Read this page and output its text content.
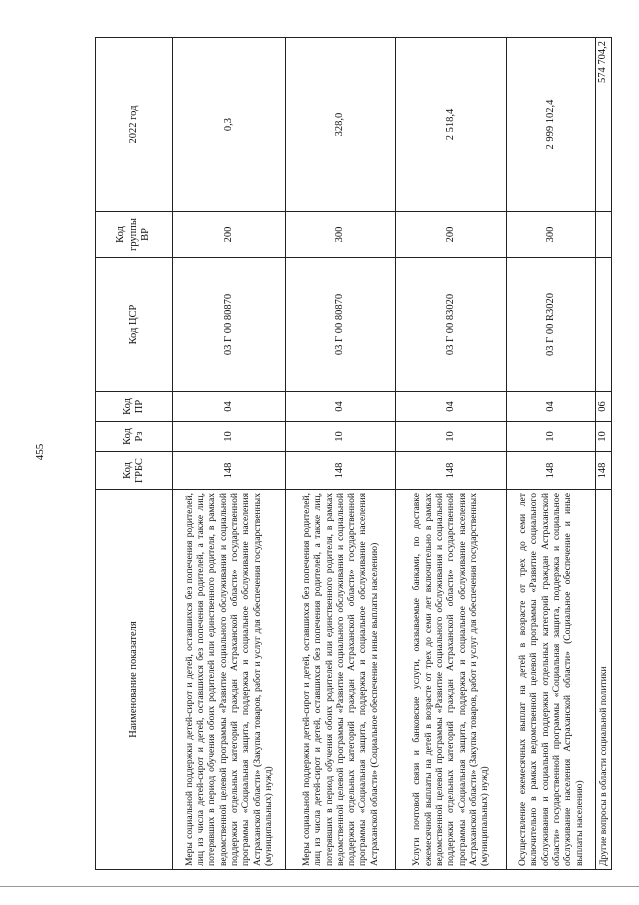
455
Наименование показателя	Код ГРБС	Код Рз	Код ПР	Код ЦСР	Код группы ВР	2022 год
Меры социальной поддержки детей-сирот и детей, оставшихся без попечения родителей, лиц из числа детей-сирот и детей, оставшихся без попечения родителей, а также лиц, потерявших в период обучения обоих родителей или единственного родителя, в рамках ведомственной целевой программы «Развитие социального обслуживания и социальной поддержки отдельных категорий граждан Астраханской области» государственной программы «Социальная защита, поддержка и социальное обслуживание населения Астраханской области» (Закупка товаров, работ и услуг для обеспечения государственных (муниципальных) нужд)	148	10	04	03 Г 00 80870	200	0,3
Меры социальной поддержки детей-сирот и детей, оставшихся без попечения родителей, лиц из числа детей-сирот и детей, оставшихся без попечения родителей, а также лиц, потерявших в период обучения обоих родителей или единственного родителя, в рамках ведомственной целевой программы «Развитие социального обслуживания и социальной поддержки отдельных категорий граждан Астраханской области» государственной программы «Социальная защита, поддержка и социальное обслуживание населения Астраханской области» (Социальное обеспечение и иные выплаты населению)	148	10	04	03 Г 00 80870	300	328,0
Услуги почтовой связи и банковские услуги, оказываемые банками, по доставке ежемесячной выплаты на детей в возрасте от трех до семи лет включительно в рамках ведомственной целевой программы «Развитие социального обслуживания и социальной поддержки отдельных категорий граждан Астраханской области» государственной программы «Социальная защита, поддержка и социальное обслуживание населения Астраханской области» (Закупка товаров, работ и услуг для обеспечения государственных (муниципальных) нужд)	148	10	04	03 Г 00 83020	200	2 518,4
Осуществление ежемесячных выплат на детей в возрасте от трех до семи лет включительно в рамках ведомственной целевой программы «Развитие социального обслуживания и социальной поддержки отдельных категорий граждан Астраханской области» государственной программы «Социальная защита, поддержка и социальное обслуживание населения Астраханской области» (Социальное обеспечение и иные выплаты населению)	148	10	04	03 Г 00 R3020	300	2 999 102,4
Другие вопросы в области социальной политики	148	10	06			574 704,2
